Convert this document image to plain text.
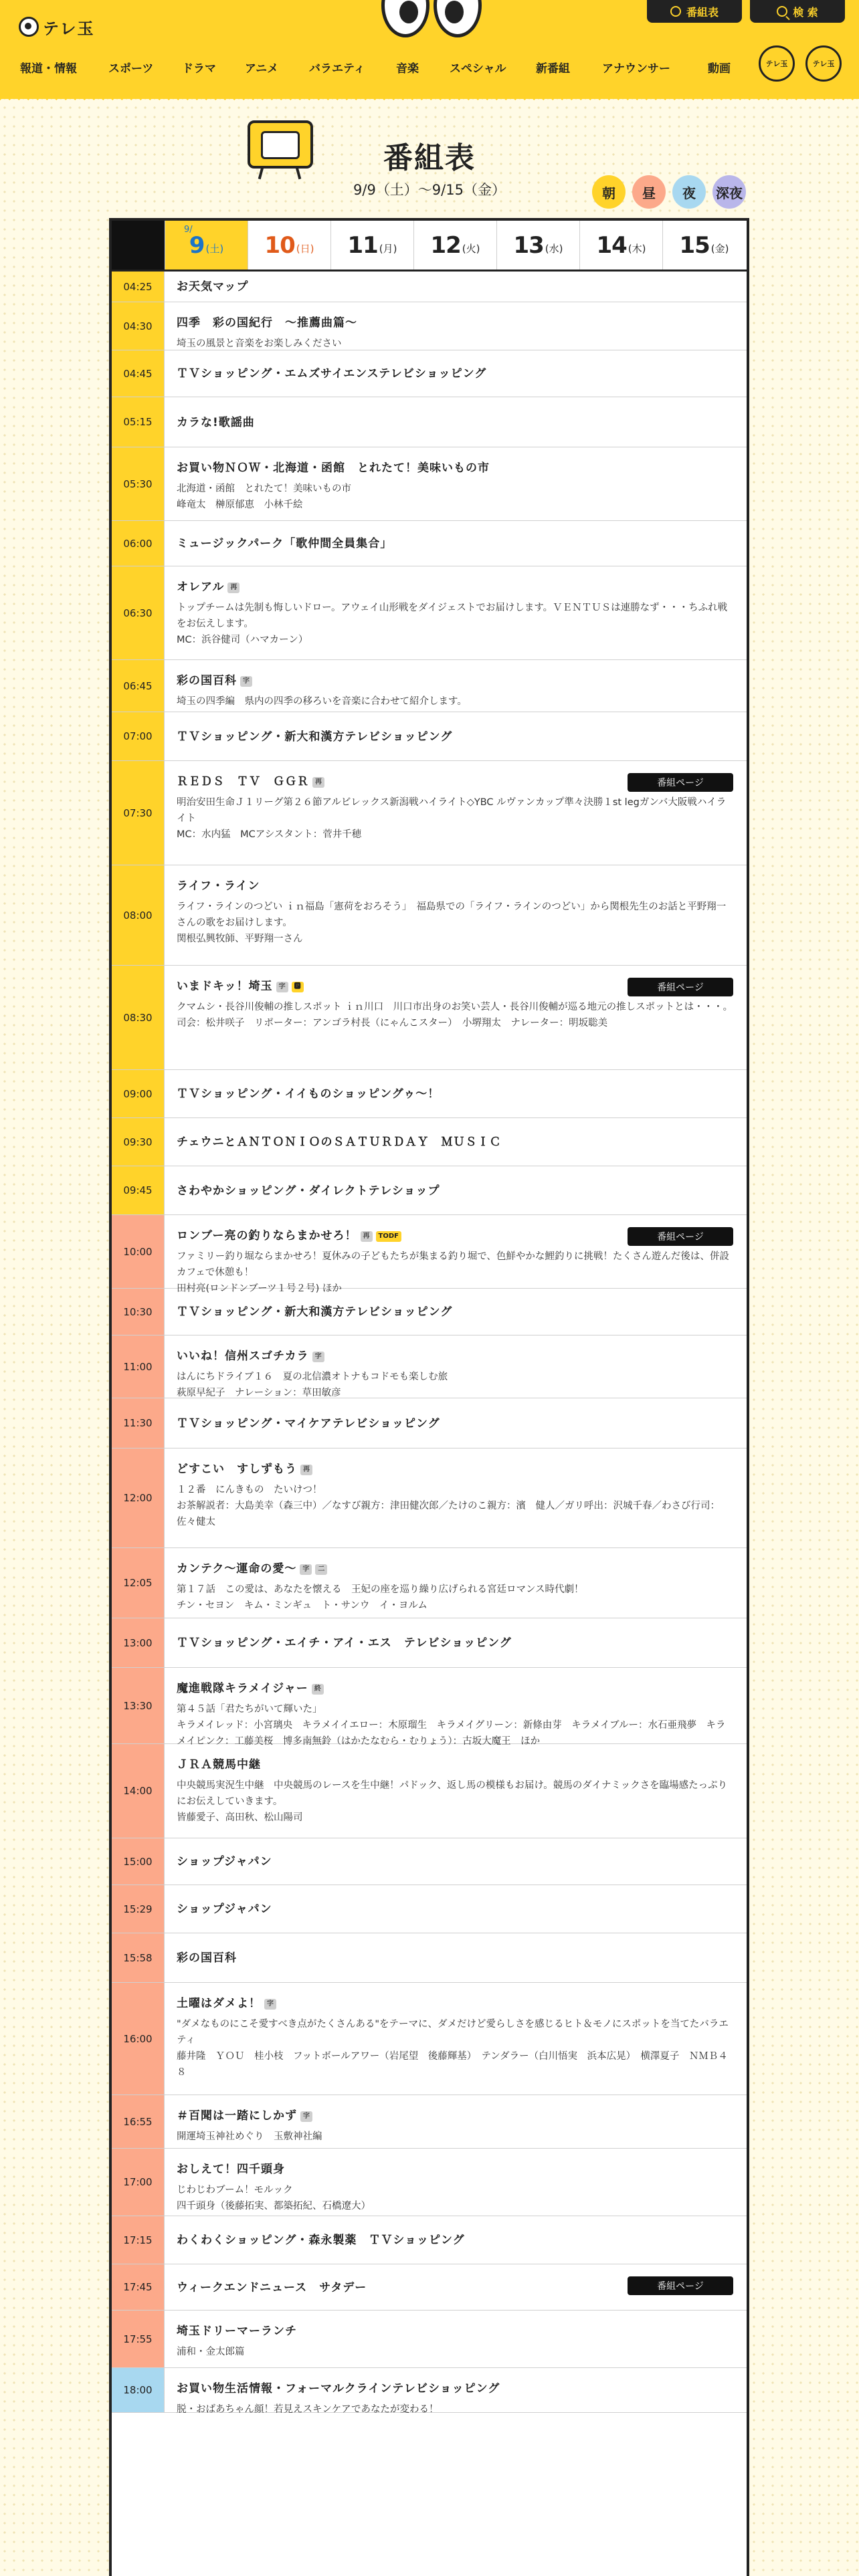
テレ玉
番組表	検 索
報道・情報	スポーツ	ドラマ	アニメ	バラエティ	音楽	スペシャル	新番組	アナウンサー	動画	テレ玉	テレ玉
番組表
9/9（土）～9/15（金）	朝	昼	夜	深夜
9/
9 (土) 10 (日) 11 (月) 12 (火) 13 (水) 14 (木) 15 (金)
04:25	お天気マップ
04:30	四季　彩の国紀行　～推薦曲篇～
埼玉の風景と音楽をお楽しみください
04:45	ＴＶショッピング・エムズサイエンステレビショッピング
05:15	カラな!歌謡曲
05:30
お買い物ＮＯＷ・北海道・函館　とれたて！美味いもの市
北海道・函館　とれたて！美味いもの市
峰竜太　榊原郁恵　小林千絵
06:00	ミュージックパーク「歌仲間全員集合」
06:30
オレアル 再
トップチームは先制も悔しいドロー。アウェイ山形戦をダイジェストでお届けします。ＶＥＮＴＵＳは連勝なず・・・ちふれ戦をお伝えします。
MC：浜谷健司（ハマカーン）
06:45	彩の国百科 字
埼玉の四季編　県内の四季の移ろいを音楽に合わせて紹介します。
07:00	ＴＶショッピング・新大和漢方テレビショッピング
07:30
ＲＥＤＳ　ＴＶ　ＧＧＲ 再
明治安田生命Ｊ１リーグ第２６節アルビレックス新潟戦ハイライト◇YBC ルヴァンカップ準々決勝１st legガンバ大阪戦ハイライト
MC：水内猛　MCアシスタント：菅井千穂
番組ページ
08:00
ライフ・ライン
ライフ・ラインのつどい ｉｎ福島「憲荷をおろそう」　福島県での「ライフ・ラインのつどい」から関根先生のお話と平野翔一さんの歌をお届けします。
関根弘興牧師、平野翔一さん
08:30
いまドキッ！埼玉 字 🅿
クマムシ・長谷川俊輔の推しスポット ｉｎ川口　川口市出身のお笑い芸人・長谷川俊輔が巡る地元の推しスポットとは・・・。
司会：松井咲子　リポーター：アンゴラ村長（にゃんこスター）　小堺翔太　ナレーター：明坂聡美
番組ページ
09:00	ＴＶショッピング・イイものショッピングゥ～！
09:30	チェウニとＡＮＴＯＮＩＯのＳＡＴＵＲＤＡＹ　ＭＵＳＩＣ
09:45	さわやかショッピング・ダイレクトテレショップ
10:00
ロンブー亮の釣りならまかせろ！ 再 TODF
ファミリー釣り堀ならまかせろ！夏休みの子どもたちが集まる釣り堀で、色鮮やかな鯉釣りに挑戦！たくさん遊んだ後は、併設カフェで休憩も！
田村亮(ロンドンブーツ１号２号) ほか
番組ページ
10:30	ＴＶショッピング・新大和漢方テレビショッピング
11:00
いいね！信州スゴチカラ 字
はんにちドライブ１６　夏の北信濃オトナもコドモも楽しむ旅
萩原早紀子　ナレーション：草田敏彦
11:30	ＴＶショッピング・マイケアテレビショッピング
12:00
どすこい　すしずもう 再
１２番　にんきもの　たいけつ！
お茶解説者：大島美幸（森三中）／なすび親方：津田健次郎／たけのこ親方：濱　健人／ガリ呼出：沢城千春／わさび行司：佐々健太
12:05
カンテク～運命の愛～ 字 二
第１７話　この愛は、あなたを懐える　王妃の座を巡り繰り広げられる宮廷ロマンス時代劇！
チン・セヨン　キム・ミンギュ　ト・サンウ　イ・ヨルム
13:00	ＴＶショッピング・エイチ・アイ・エス　テレビショッピング
13:30
魔進戦隊キラメイジャー 終
第４５話「君たちがいて輝いた」
キラメイレッド：小宮璃央　キラメイイエロー：木原瑠生　キラメイグリーン：新條由芽　キラメイブルー：水石亜飛夢　キラメイピンク：工藤美桜　博多南無鈴（はかたなむら・むりょう）：古坂大魔王　ほか
14:00
ＪＲＡ競馬中継
中央競馬実況生中継　中央競馬のレースを生中継！パドック、返し馬の模様もお届け。競馬のダイナミックさを臨場感たっぷりにお伝えしていきます。
皆藤愛子、高田秋、松山陽司
15:00	ショップジャパン
15:29	ショップジャパン
15:58	彩の国百科
16:00
土曜はダメよ！ 字
"ダメなものにこそ愛すべき点がたくさんある"をテーマに、ダメだけど愛らしさを感じるヒト＆モノにスポットを当てたバラエティ
藤井隆　ＹＯＵ　桂小枝　フットボールアワー（岩尾望　後藤輝基）　テンダラー（白川悟実　浜本広晃）　横澤夏子　ＮＭＢ４８
16:55	＃百聞は一踏にしかず 字
開運埼玉神社めぐり　玉敷神社編
17:00
おしえて！四千頭身
じわじわブーム！モルック
四千頭身（後藤拓実、都築拓紀、石橋遼大）
17:15	わくわくショッピング・森永製薬　ＴＶショッピング
17:45	ウィークエンドニュース　サタデー	番組ページ
17:55
埼玉ドリーマーランチ
浦和・金太郎篇
18:00	お買い物生活情報・フォーマルクラインテレビショッピング
脱・おばあちゃん顔！若見えスキンケアであなたが変わる！
